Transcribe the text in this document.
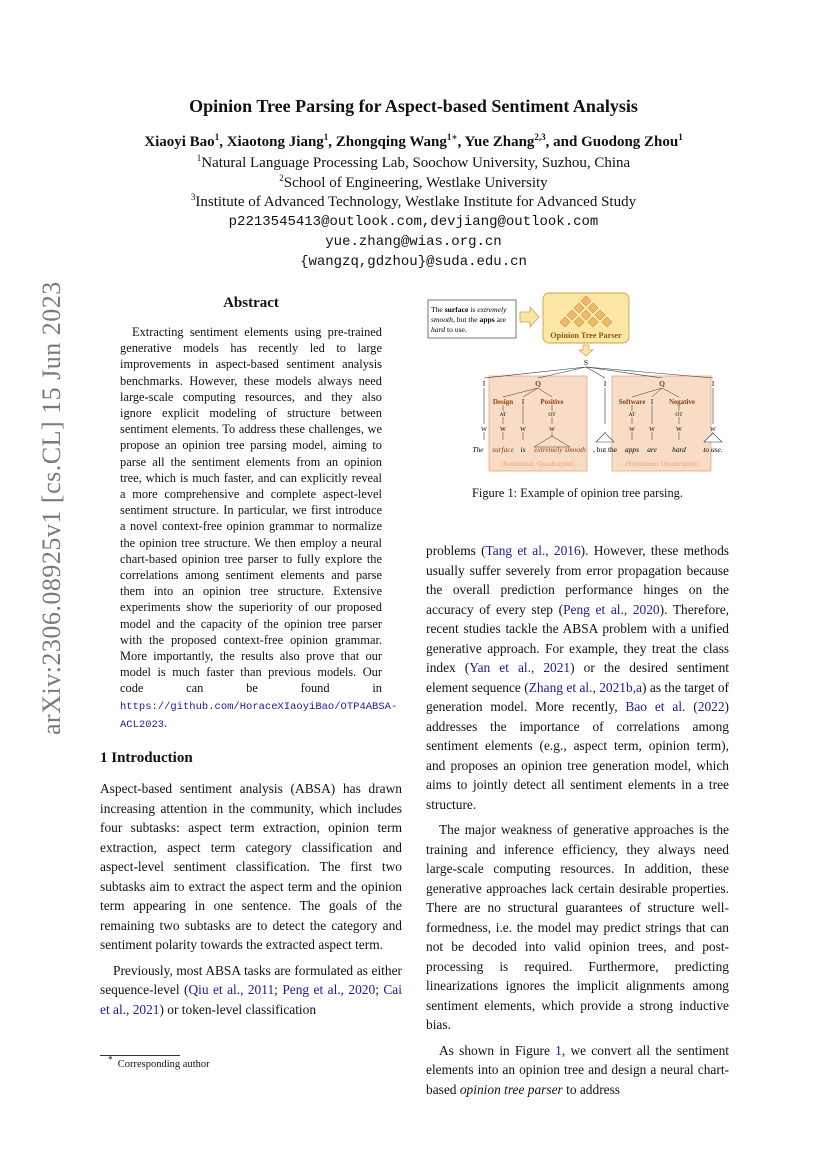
arXiv:2306.08925v1 [cs.CL] 15 Jun 2023
Opinion Tree Parsing for Aspect-based Sentiment Analysis
Xiaoyi Bao$^1$, Xiaotong Jiang$^1$, Zhongqing Wang$^{1∗}$, Yue Zhang$^{2,3}$, and Guodong Zhou$^1$
$^1$Natural Language Processing Lab, Soochow University, Suzhou, China
$^2$School of Engineering, Westlake University
$^3$Institute of Advanced Technology, Westlake Institute for Advanced Study
p2213545413@outlook.com,devjiang@outlook.com
yue.zhang@wias.org.cn
{wangzq,gdzhou}@suda.edu.cn
Abstract
Extracting sentiment elements using pre-trained generative models has recently led to large improvements in aspect-based sentiment analysis benchmarks. However, these models always need large-scale computing resources, and they also ignore explicit modeling of structure between sentiment elements. To address these challenges, we propose an opinion tree parsing model, aiming to parse all the sentiment elements from an opinion tree, which is much faster, and can explicitly reveal a more comprehensive and complete aspect-level sentiment structure. In particular, we first introduce a novel context-free opinion grammar to normalize the opinion tree structure. We then employ a neural chart-based opinion tree parser to fully explore the correlations among sentiment elements and parse them into an opinion tree structure. Extensive experiments show the superiority of our proposed model and the capacity of the opinion tree parser with the proposed context-free opinion grammar. More importantly, the results also prove that our model is much faster than previous models. Our code can be found in https://github.com/HoraceXIaoyiBao/OTP4ABSA-ACL2023.
1 Introduction

Aspect-based sentiment analysis (ABSA) has drawn increasing attention in the community, which includes four subtasks: aspect term extraction, opinion term extraction, aspect term category classification and aspect-level sentiment classification. The first two subtasks aim to extract the aspect term and the opinion term appearing in one sentence. The goals of the remaining two subtasks are to detect the category and sentiment polarity towards the extracted aspect term.

Previously, most ABSA tasks are formulated as either sequence-level (Qiu et al., 2011; Peng et al., 2020; Cai et al., 2021) or token-level classification

* Corresponding author
The surface is extremely
smooth, but the apps are
hard to use.
Opinion Tree Parser
S
I	I	I
W	W
Q
Design I Positive
AT	OT
W W	W
Q
Software I Negative
AT	OT
W W	W
The surface is extremely smooth , but the apps are hard to use.
(Sentiment Quadruplet)	(Sentiment Quadruplet)
Figure 1: Example of opinion tree parsing.

problems (Tang et al., 2016). However, these methods usually suffer severely from error propagation because the overall prediction performance hinges on the accuracy of every step (Peng et al., 2020). Therefore, recent studies tackle the ABSA problem with a unified generative approach. For example, they treat the class index (Yan et al., 2021) or the desired sentiment element sequence (Zhang et al., 2021b,a) as the target of generation model. More recently, Bao et al. (2022) addresses the importance of correlations among sentiment elements (e.g., aspect term, opinion term), and proposes an opinion tree generation model, which aims to jointly detect all sentiment elements in a tree structure.

The major weakness of generative approaches is the training and inference efficiency, they always need large-scale computing resources. In addition, these generative approaches lack certain desirable properties. There are no structural guarantees of structure well-formedness, i.e. the model may predict strings that can not be decoded into valid opinion trees, and post-processing is required. Furthermore, predicting linearizations ignores the implicit alignments among sentiment elements, which provide a strong inductive bias.

As shown in Figure 1, we convert all the sentiment elements into an opinion tree and design a neural chart-based opinion tree parser to address
